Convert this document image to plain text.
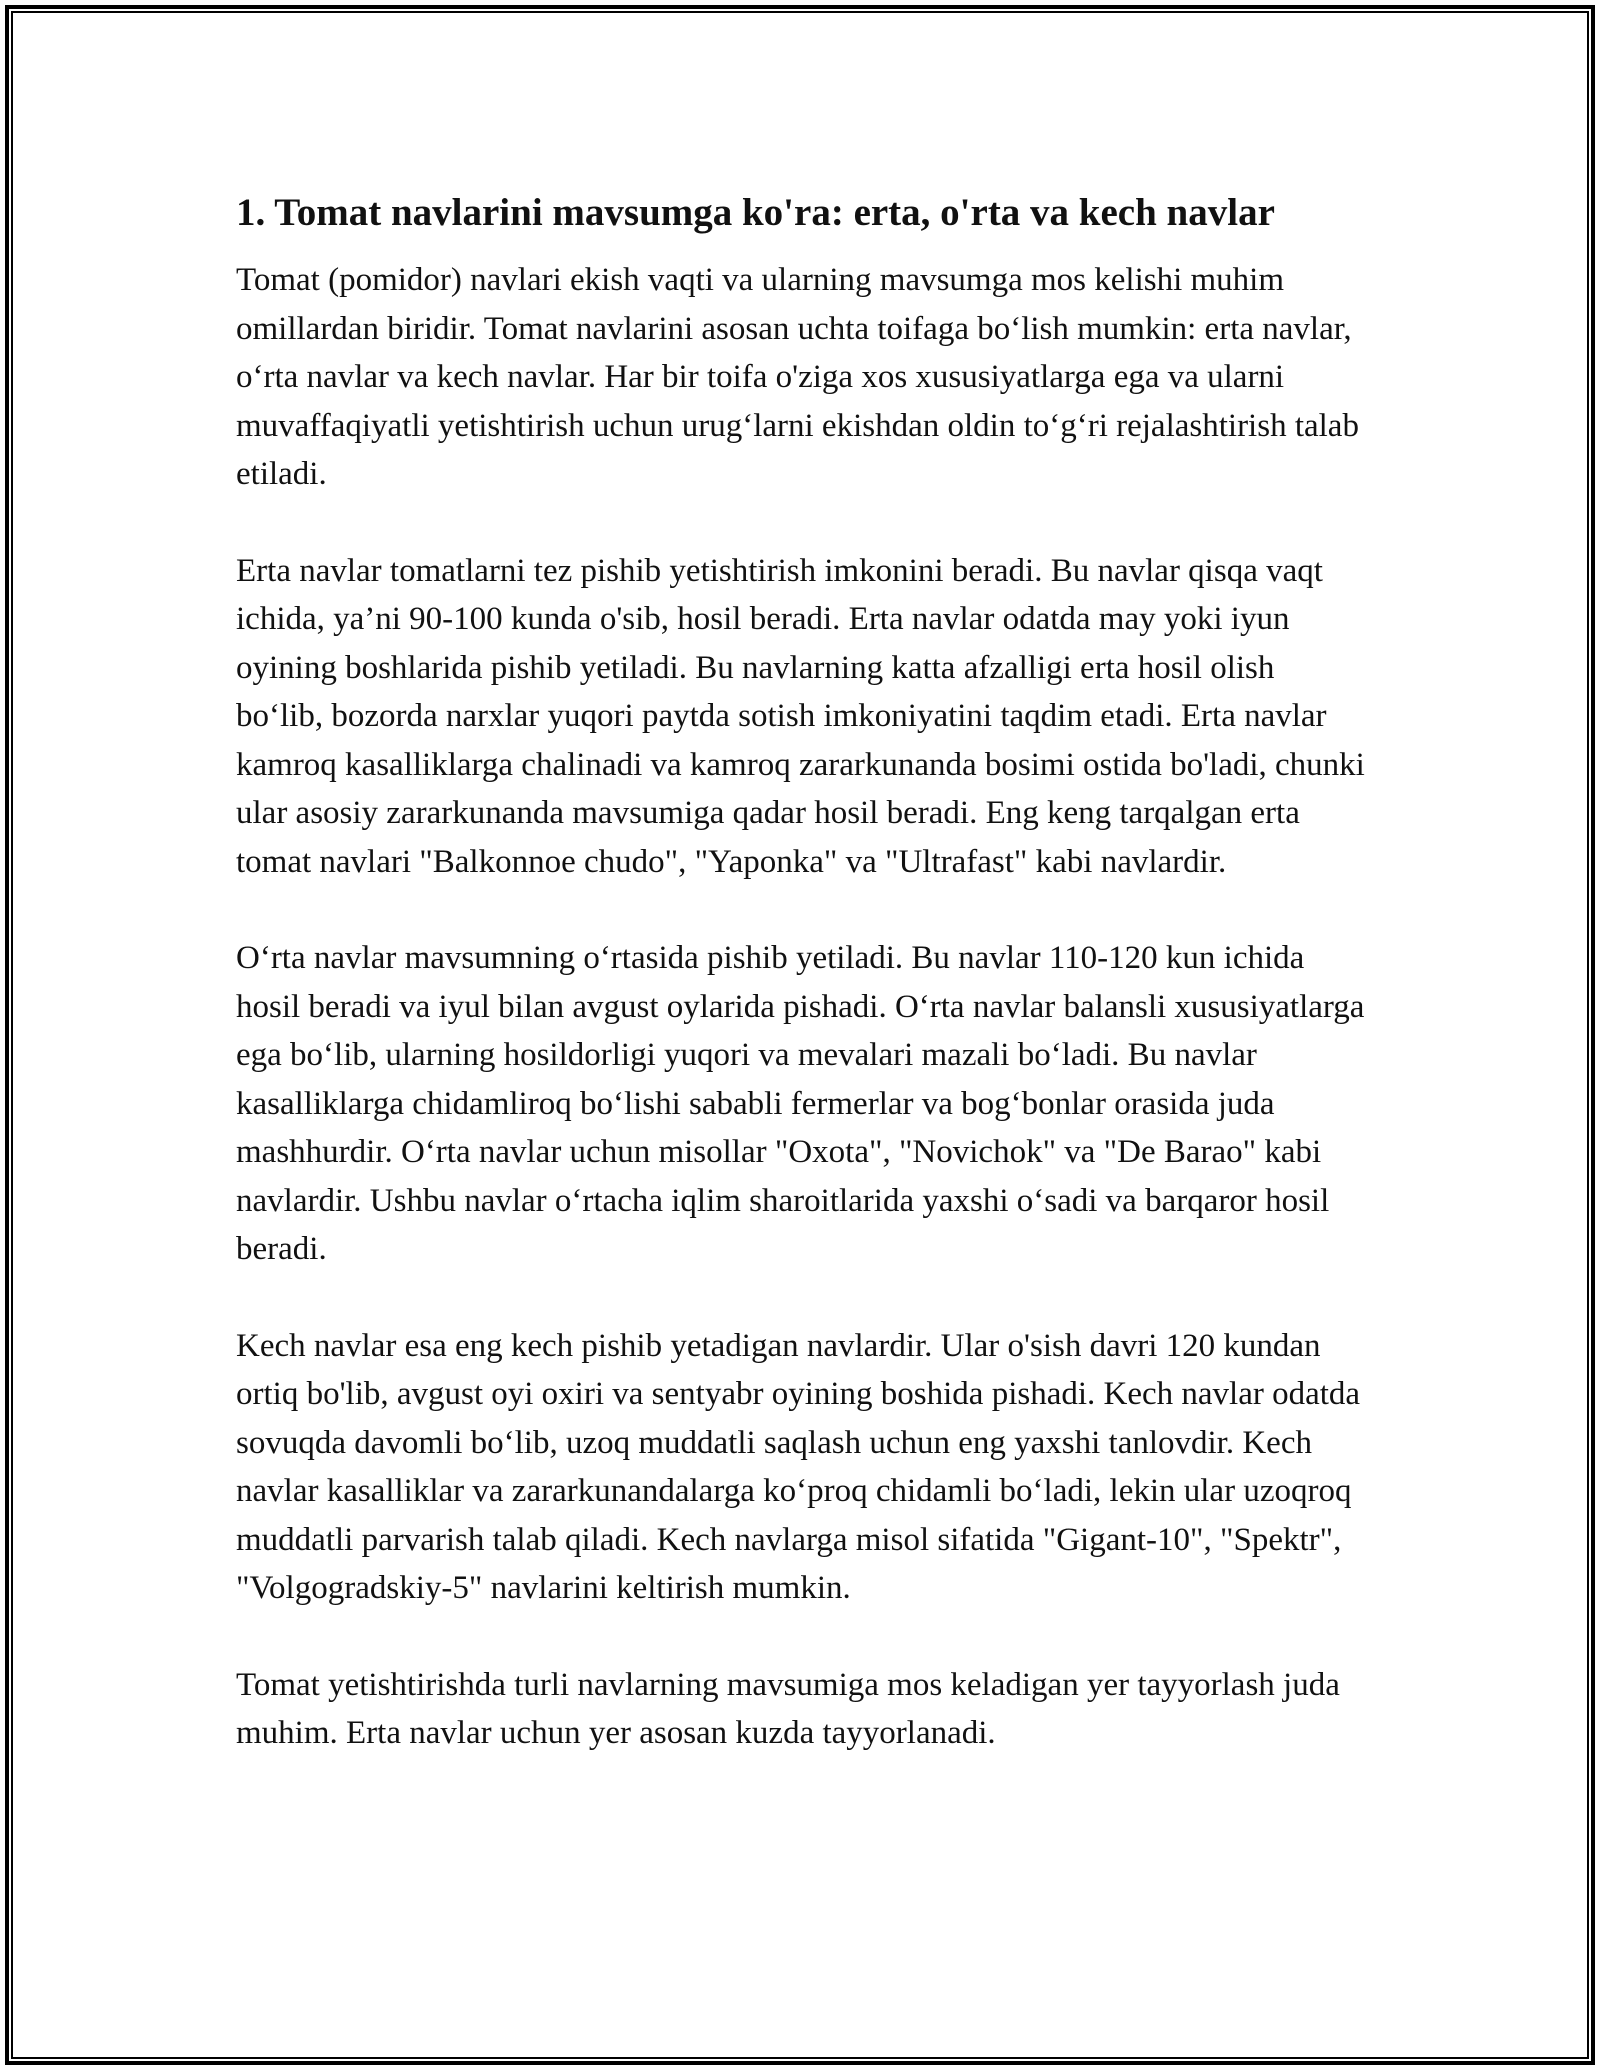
1. Tomat navlarini mavsumga ko'ra: erta, o'rta va kech navlar

Tomat (pomidor) navlari ekish vaqti va ularning mavsumga mos kelishi muhim omillardan biridir. Tomat navlarini asosan uchta toifaga boʻlish mumkin: erta navlar, oʻrta navlar va kech navlar. Har bir toifa o'ziga xos xususiyatlarga ega va ularni muvaffaqiyatli yetishtirish uchun urugʻlarni ekishdan oldin toʻgʻri rejalashtirish talab etiladi.

Erta navlar tomatlarni tez pishib yetishtirish imkonini beradi. Bu navlar qisqa vaqt ichida, ya’ni 90-100 kunda o'sib, hosil beradi. Erta navlar odatda may yoki iyun oyining boshlarida pishib yetiladi. Bu navlarning katta afzalligi erta hosil olish boʻlib, bozorda narxlar yuqori paytda sotish imkoniyatini taqdim etadi. Erta navlar kamroq kasalliklarga chalinadi va kamroq zararkunanda bosimi ostida bo'ladi, chunki ular asosiy zararkunanda mavsumiga qadar hosil beradi. Eng keng tarqalgan erta tomat navlari "Balkonnoe chudo", "Yaponka" va "Ultrafast" kabi navlardir.

Oʻrta navlar mavsumning oʻrtasida pishib yetiladi. Bu navlar 110-120 kun ichida hosil beradi va iyul bilan avgust oylarida pishadi. Oʻrta navlar balansli xususiyatlarga ega boʻlib, ularning hosildorligi yuqori va mevalari mazali boʻladi. Bu navlar kasalliklarga chidamliroq boʻlishi sababli fermerlar va bogʻbonlar orasida juda mashhurdir. Oʻrta navlar uchun misollar "Oxota", "Novichok" va "De Barao" kabi navlardir. Ushbu navlar oʻrtacha iqlim sharoitlarida yaxshi oʻsadi va barqaror hosil beradi.

Kech navlar esa eng kech pishib yetadigan navlardir. Ular o'sish davri 120 kundan ortiq bo'lib, avgust oyi oxiri va sentyabr oyining boshida pishadi. Kech navlar odatda sovuqda davomli boʻlib, uzoq muddatli saqlash uchun eng yaxshi tanlovdir. Kech navlar kasalliklar va zararkunandalarga koʻproq chidamli boʻladi, lekin ular uzoqroq muddatli parvarish talab qiladi. Kech navlarga misol sifatida "Gigant-10", "Spektr", "Volgogradskiy-5" navlarini keltirish mumkin.

Tomat yetishtirishda turli navlarning mavsumiga mos keladigan yer tayyorlash juda muhim. Erta navlar uchun yer asosan kuzda tayyorlanadi.
